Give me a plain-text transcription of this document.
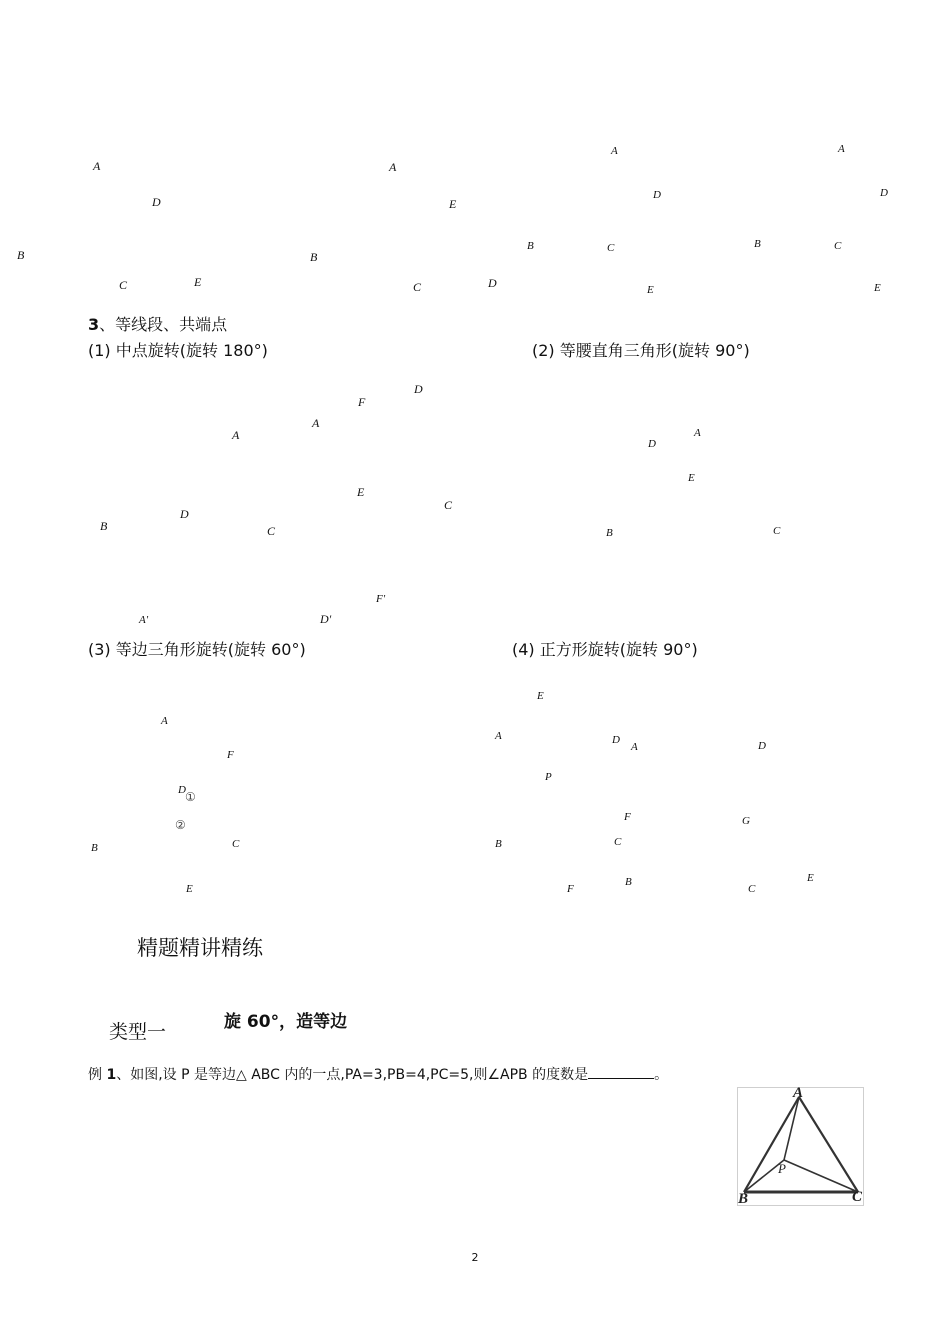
A
D
B
C	E
A
E
B
C	D
A
D
B	C
E
A
D
B	C
E
3、等线段、共端点
(1) 中点旋转(旋转 180°)	(2) 等腰直角三角形(旋转 90°)
D
F
A
A
E
C
B
D
C
F'
A'	D'
D
A
E
B	C
(3) 等边三角形旋转(旋转 60°)	(4) 正方形旋转(旋转 90°)
A
F
D ①
②
B	C
E
E
A	D
A	D
P
F	G
B	C
F
B
C
E
精题精讲精练
类型一	旋 60°，造等边
例 1、如图,设 P 是等边△ ABC 内的一点,PA=3,PB=4,PC=5,则∠APB 的度数是	。
A
P
B	C
2
